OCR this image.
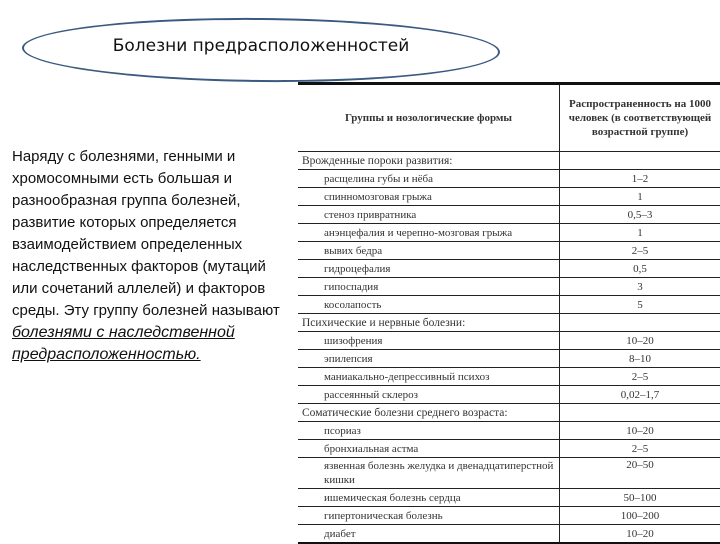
Болезни предрасположенностей
Наряду с болезнями, генными и
хромосомными есть большая и
разнообразная группа болезней,
развитие которых определяется
взаимодействием определенных
наследственных факторов (мутаций
или сочетаний аллелей) и факторов
среды. Эту группу болезней называют
болезнями с наследственной
предрасположенностью.
Группы и нозологические формы	Распространенность на 1000 человек (в соответствующей возрастной группе)
Врожденные пороки развития:	
расщелина губы и нёба	1–2
спинномозговая грыжа	1
стеноз привратника	0,5–3
анэнцефалия и черепно-мозговая грыжа	1
вывих бедра	2–5
гидроцефалия	0,5
гипоспадия	3
косолапость	5
Психические и нервные болезни:	
шизофрения	10–20
эпилепсия	8–10
маниакально-депрессивный психоз	2–5
рассеянный склероз	0,02–1,7
Соматические болезни среднего возраста:	
псориаз	10–20
бронхиальная астма	2–5
язвенная болезнь желудка и двенадцатиперстной кишки	20–50
ишемическая болезнь сердца	50–100
гипертоническая болезнь	100–200
диабет	10–20
